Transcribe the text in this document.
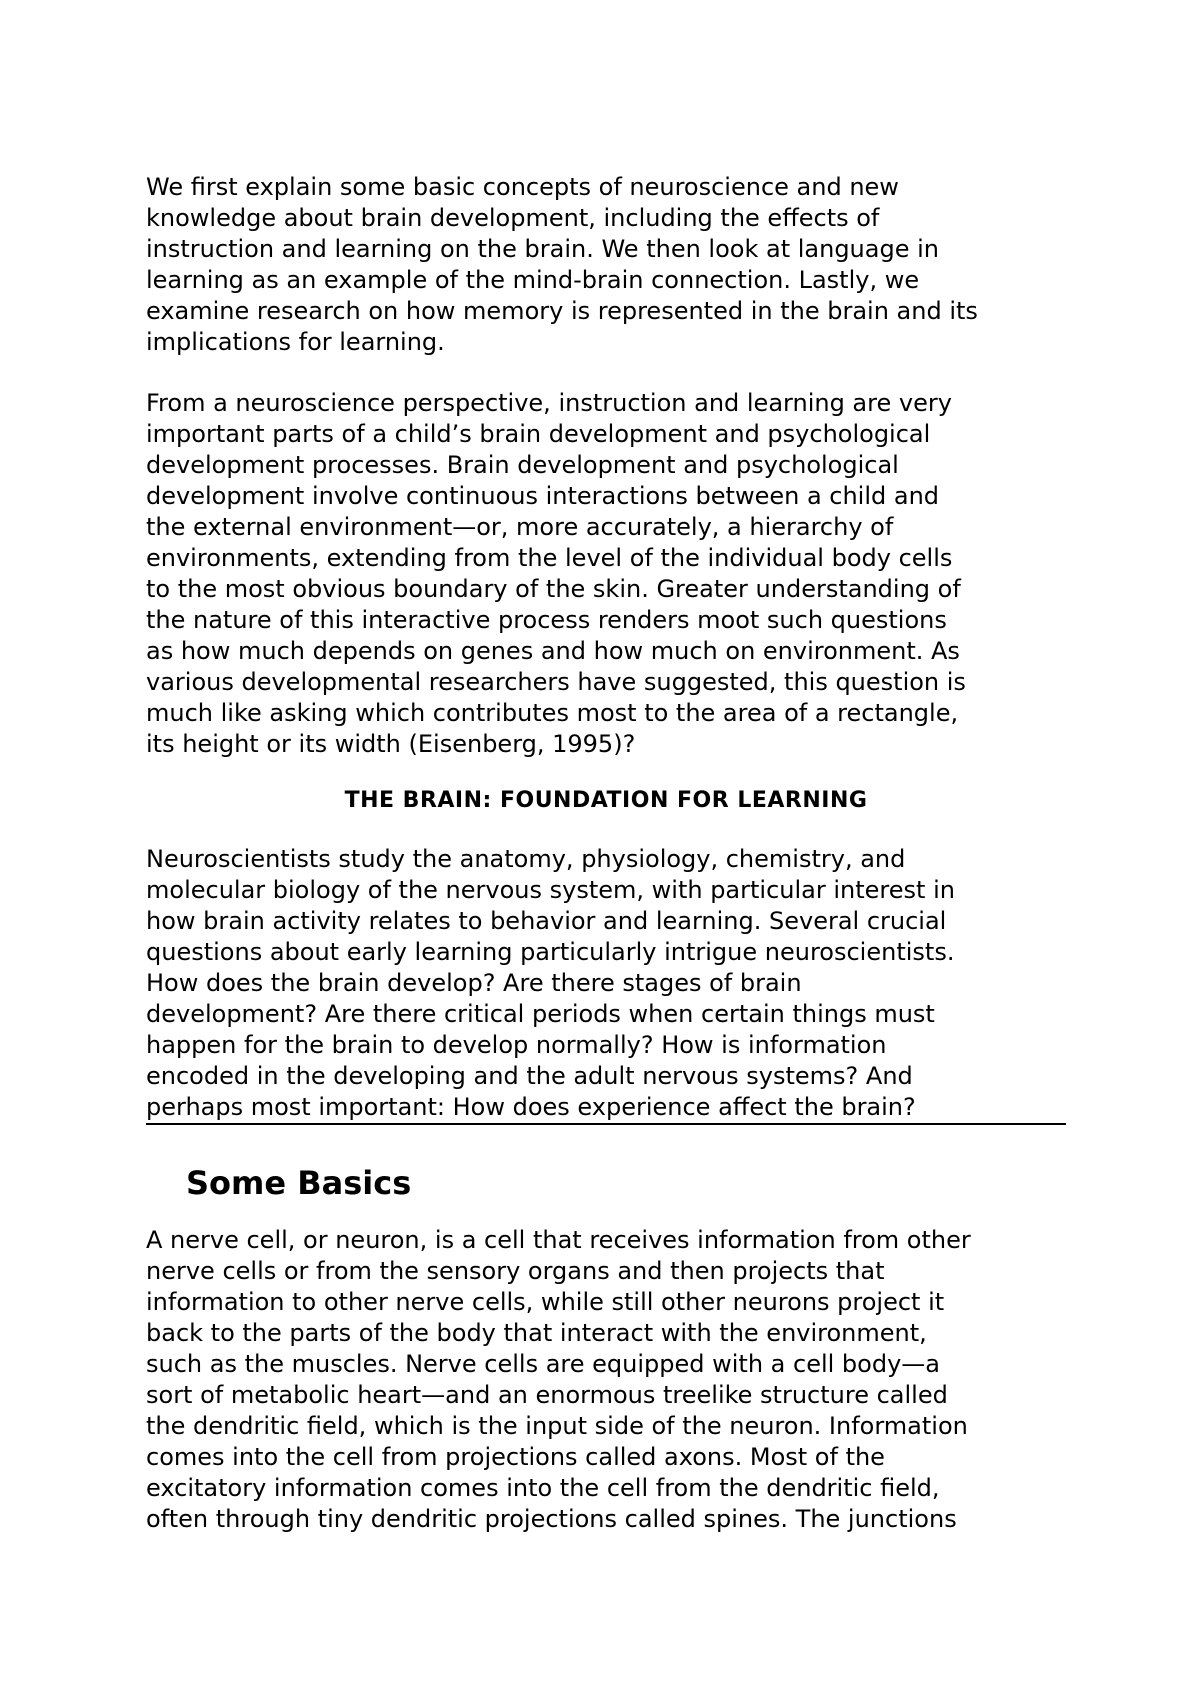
We first explain some basic concepts of neuroscience and new
knowledge about brain development, including the effects of
instruction and learning on the brain. We then look at language in
learning as an example of the mind-brain connection. Lastly, we
examine research on how memory is represented in the brain and its
implications for learning.

From a neuroscience perspective, instruction and learning are very
important parts of a child’s brain development and psychological
development processes. Brain development and psychological
development involve continuous interactions between a child and
the external environment—or, more accurately, a hierarchy of
environments, extending from the level of the individual body cells
to the most obvious boundary of the skin. Greater understanding of
the nature of this interactive process renders moot such questions
as how much depends on genes and how much on environment. As
various developmental researchers have suggested, this question is
much like asking which contributes most to the area of a rectangle,
its height or its width (Eisenberg, 1995)?

THE BRAIN: FOUNDATION FOR LEARNING

Neuroscientists study the anatomy, physiology, chemistry, and
molecular biology of the nervous system, with particular interest in
how brain activity relates to behavior and learning. Several crucial
questions about early learning particularly intrigue neuroscientists.
How does the brain develop? Are there stages of brain
development? Are there critical periods when certain things must
happen for the brain to develop normally? How is information
encoded in the developing and the adult nervous systems? And
perhaps most important: How does experience affect the brain?

Some Basics

A nerve cell, or neuron, is a cell that receives information from other
nerve cells or from the sensory organs and then projects that
information to other nerve cells, while still other neurons project it
back to the parts of the body that interact with the environment,
such as the muscles. Nerve cells are equipped with a cell body—a
sort of metabolic heart—and an enormous treelike structure called
the dendritic field, which is the input side of the neuron. Information
comes into the cell from projections called axons. Most of the
excitatory information comes into the cell from the dendritic field,
often through tiny dendritic projections called spines. The junctions
